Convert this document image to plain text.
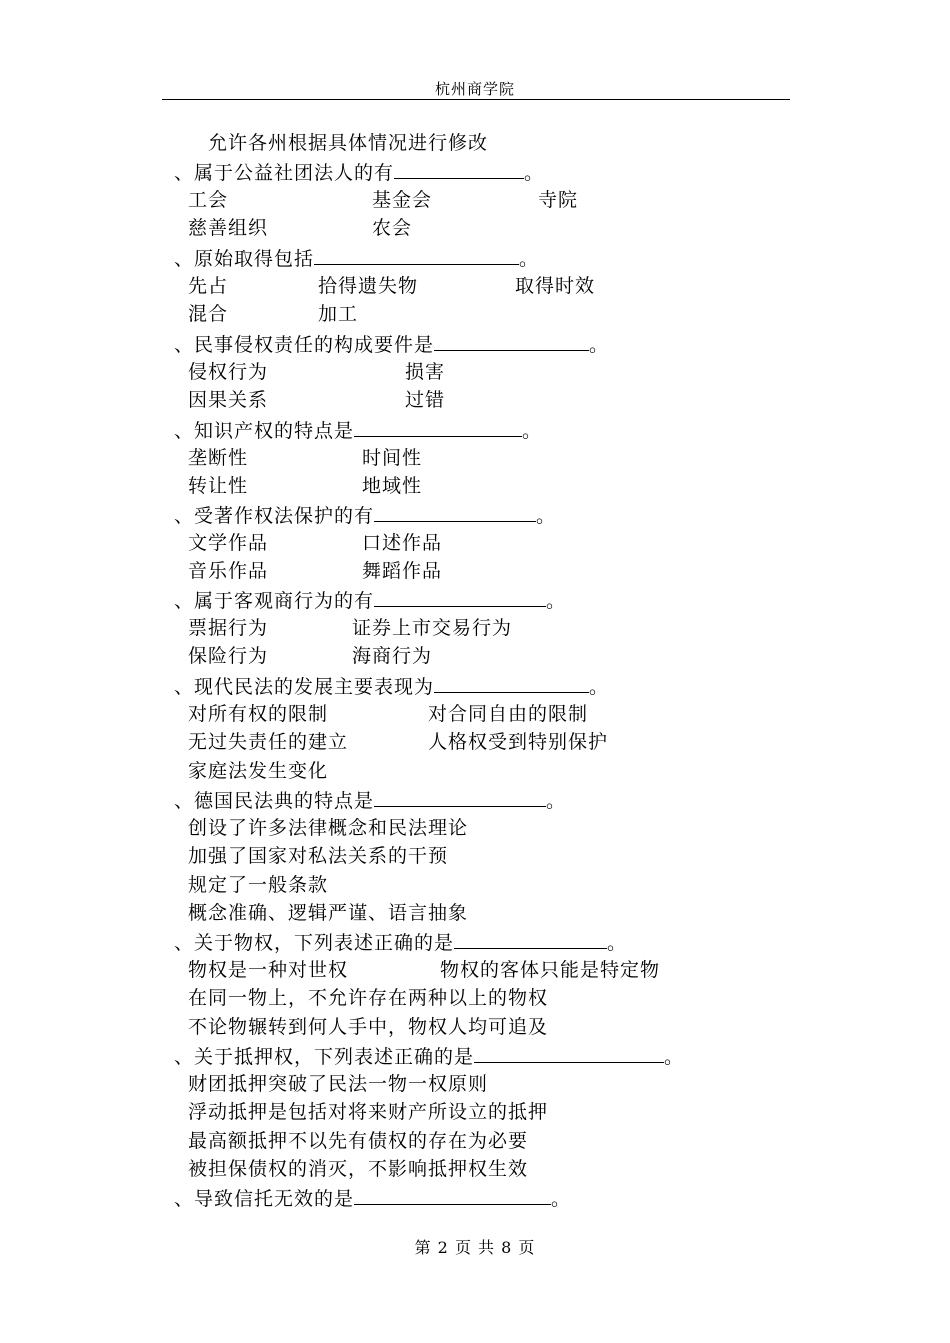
杭州商学院
允许各州根据具体情况进行修改
、属于公益社团法人的有	。
工会	基金会	寺院
慈善组织	农会
、原始取得包括	。
先占	拾得遗失物	取得时效
混合	加工
、民事侵权责任的构成要件是	。
侵权行为	损害
因果关系	过错
、知识产权的特点是	。
垄断性	时间性
转让性	地域性
、受著作权法保护的有	。
文学作品	口述作品
音乐作品	舞蹈作品
、属于客观商行为的有	。
票据行为	证券上市交易行为
保险行为	海商行为
、现代民法的发展主要表现为	。
对所有权的限制	对合同自由的限制
无过失责任的建立	人格权受到特别保护
家庭法发生变化
、德国民法典的特点是	。
创设了许多法律概念和民法理论
加强了国家对私法关系的干预
规定了一般条款
概念准确、逻辑严谨、语言抽象
、关于物权，下列表述正确的是	。
物权是一种对世权	物权的客体只能是特定物
在同一物上，不允许存在两种以上的物权
不论物辗转到何人手中，物权人均可追及
、关于抵押权，下列表述正确的是	。
财团抵押突破了民法一物一权原则
浮动抵押是包括对将来财产所设立的抵押
最高额抵押不以先有债权的存在为必要
被担保债权的消灭，不影响抵押权生效
、导致信托无效的是	。
第 2 页 共 8 页
